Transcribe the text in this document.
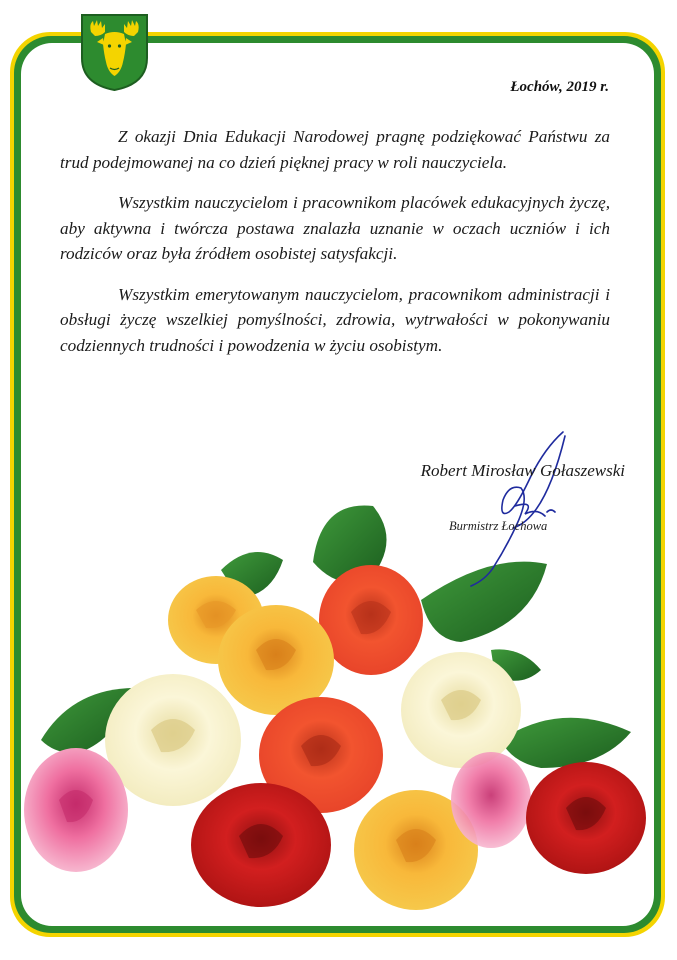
Łochów, 2019 r.

Z okazji Dnia Edukacji Narodowej pragnę podziękować Państwu za trud podejmowanej na co dzień pięknej pracy w roli nauczyciela.

Wszystkim nauczycielom i pracownikom placówek edukacyjnych życzę, aby aktywna i twórcza postawa znalazła uznanie w oczach uczniów i ich rodziców oraz była źródłem osobistej satysfakcji.

Wszystkim emerytowanym nauczycielom, pracownikom administracji i obsługi życzę wszelkiej pomyślności, zdrowia, wytrwałości w pokonywaniu codziennych trudności i powodzenia w życiu osobistym.

Robert Mirosław Gołaszewski
Burmistrz Łochowa
